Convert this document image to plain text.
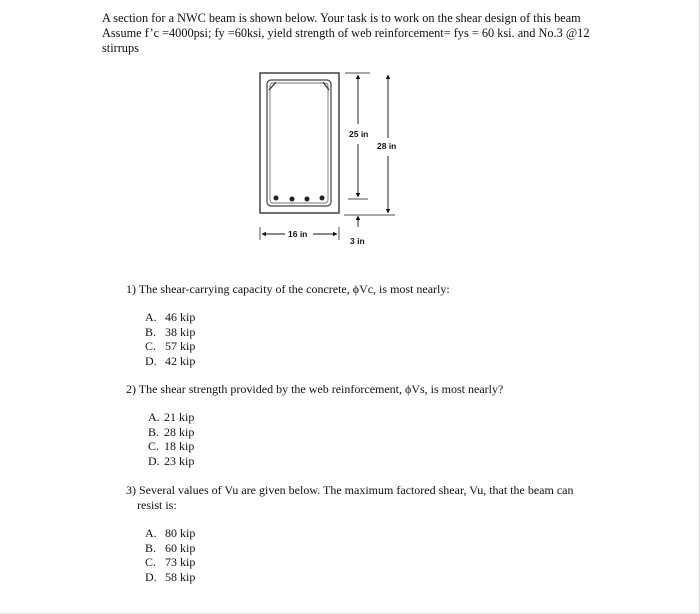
A section for a NWC beam is shown below. Your task is to work on the shear design of this beam
Assume f’c =4000psi; fy =60ksi, yield strength of web reinforcement= fys = 60 ksi. and No.3 @12
stirrups
25 in
28 in
3 in
16 in
1) The shear-carrying capacity of the concrete, ϕVc, is most nearly:
A. 46 kip
B. 38 kip
C. 57 kip
D. 42 kip
2) The shear strength provided by the web reinforcement, ϕVs, is most nearly?
A. 21 kip
B. 28 kip
C. 18 kip
D. 23 kip
3) Several values of Vu are given below. The maximum factored shear, Vu, that the beam can
resist is:
A. 80 kip
B. 60 kip
C. 73 kip
D. 58 kip
